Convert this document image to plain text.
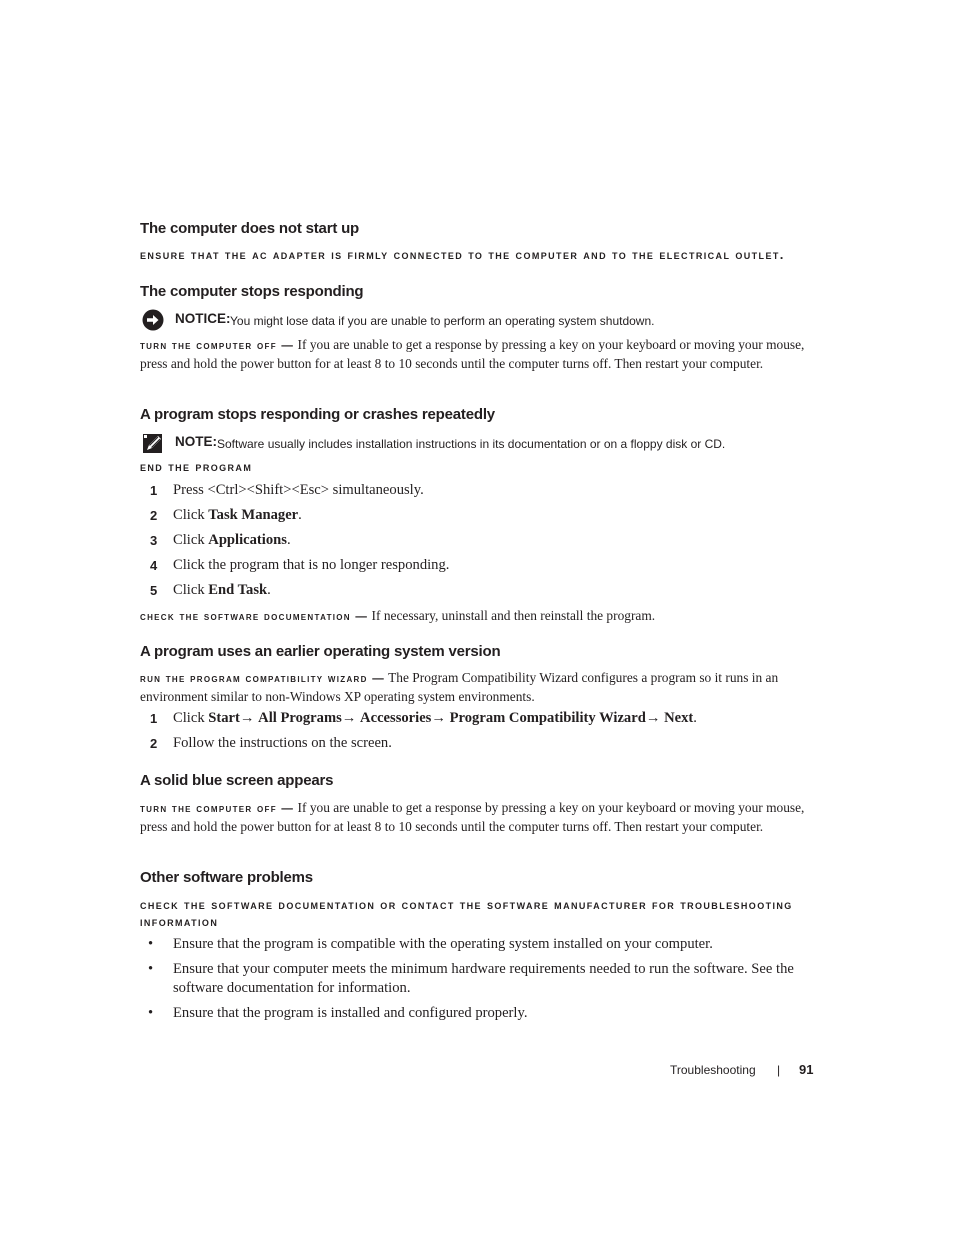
The computer does not start up
ensure that the ac adapter is firmly connected to the computer and to the electrical outlet.
The computer stops responding
NOTICE: You might lose data if you are unable to perform an operating system shutdown.
turn the computer off — If you are unable to get a response by pressing a key on your keyboard or moving your mouse, press and hold the power button for at least 8 to 10 seconds until the computer turns off. Then restart your computer.
A program stops responding or crashes repeatedly
NOTE: Software usually includes installation instructions in its documentation or on a floppy disk or CD.
end the program
1 Press <Ctrl><Shift><Esc> simultaneously.
2 Click Task Manager.
3 Click Applications.
4 Click the program that is no longer responding.
5 Click End Task.
check the software documentation — If necessary, uninstall and then reinstall the program.
A program uses an earlier operating system version
run the program compatibility wizard — The Program Compatibility Wizard configures a program so it runs in an environment similar to non-Windows XP operating system environments.
1 Click Start→ All Programs→ Accessories→ Program Compatibility Wizard→ Next.
2 Follow the instructions on the screen.
A solid blue screen appears
turn the computer off — If you are unable to get a response by pressing a key on your keyboard or moving your mouse, press and hold the power button for at least 8 to 10 seconds until the computer turns off. Then restart your computer.
Other software problems
check the software documentation or contact the software manufacturer for troubleshooting information
• Ensure that the program is compatible with the operating system installed on your computer.
• Ensure that your computer meets the minimum hardware requirements needed to run the software. See the software documentation for information.
• Ensure that the program is installed and configured properly.
Troubleshooting | 91
